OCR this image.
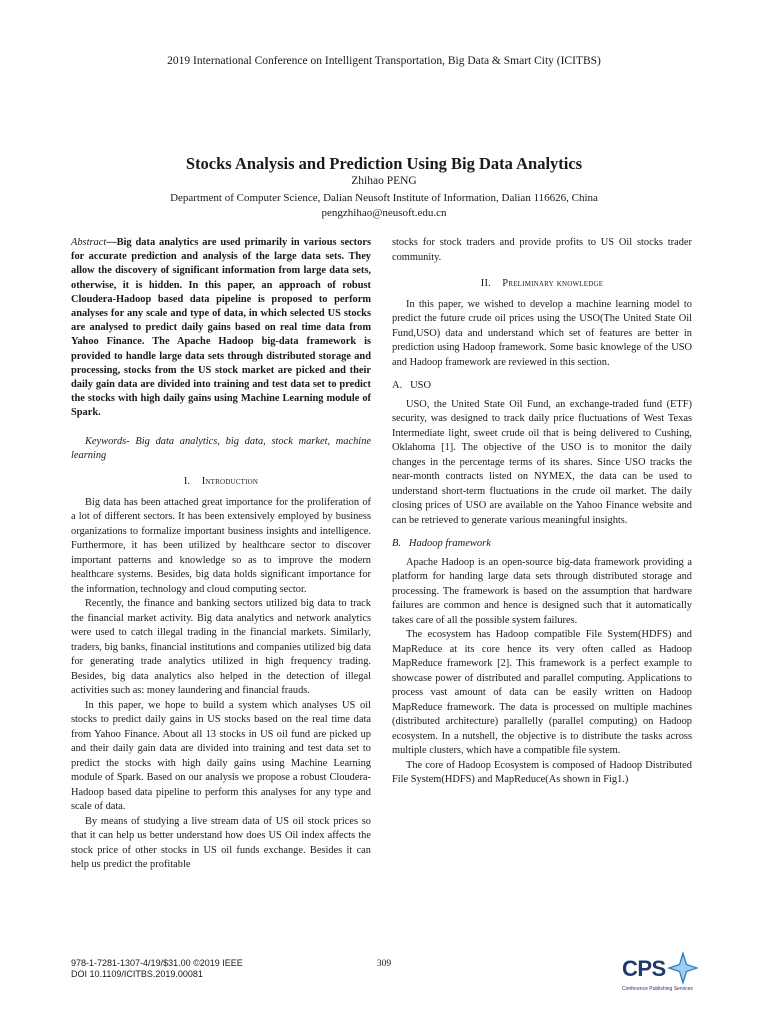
2019 International Conference on Intelligent Transportation, Big Data & Smart City (ICITBS)
Stocks Analysis and Prediction Using Big Data Analytics
Zhihao PENG
Department of Computer Science, Dalian Neusoft Institute of Information, Dalian 116626, China
pengzhihao@neusoft.edu.cn

Abstract—Big data analytics are used primarily in various sectors for accurate prediction and analysis of the large data sets. They allow the discovery of significant information from large data sets, otherwise, it is hidden. In this paper, an approach of robust Cloudera-Hadoop based data pipeline is proposed to perform analyses for any scale and type of data, in which selected US stocks are analysed to predict daily gains based on real time data from Yahoo Finance. The Apache Hadoop big-data framework is provided to handle large data sets through distributed storage and processing, stocks from the US stock market are picked and their daily gain data are divided into training and test data set to predict the stocks with high daily gains using Machine Learning module of Spark.

Keywords- Big data analytics, big data, stock market, machine learning

I. Introduction

Big data has been attached great importance for the proliferation of a lot of different sectors. It has been extensively employed by business organizations to formalize important business insights and intelligence. Furthermore, it has been utilized by healthcare sector to discover important patterns and knowledge so as to improve the modern healthcare systems. Besides, big data holds significant importance for the information, technology and cloud computing sector.

Recently, the finance and banking sectors utilized big data to track the financial market activity. Big data analytics and network analytics were used to catch illegal trading in the financial markets. Similarly, traders, big banks, financial institutions and companies utilized big data for generating trade analytics utilized in high frequency trading. Besides, big data analytics also helped in the detection of illegal activities such as: money laundering and financial frauds.

In this paper, we hope to build a system which analyses US oil stocks to predict daily gains in US stocks based on the real time data from Yahoo Finance. About all 13 stocks in US oil fund are picked up and their daily gain data are divided into training and test data set to predict the stocks with high daily gains using Machine Learning module of Spark. Based on our analysis we propose a robust Cloudera-Hadoop based data pipeline to perform this analyses for any type and scale of data.

By means of studying a live stream data of US oil stock prices so that it can help us better understand how does US Oil index affects the stock price of other stocks in US oil funds exchange. Besides it can help us predict the profitable

stocks for stock traders and provide profits to US Oil stocks trader community.

II. Preliminary knowledge

In this paper, we wished to develop a machine learning model to predict the future crude oil prices using the USO(The United State Oil Fund,USO) data and understand which set of features are better in prediction using Hadoop framework. Some basic knowlege of the USO and Hadoop framework are reviewed in this section.

A. USO

USO, the United State Oil Fund, an exchange-traded fund (ETF) security, was designed to track daily price fluctuations of West Texas Intermediate light, sweet crude oil that is being delivered to Cushing, Oklahoma [1]. The objective of the USO is to monitor the daily changes in the percentage terms of its shares. Since USO tracks the near-month contracts listed on NYMEX, the data can be used to understand short-term fluctuations in the crude oil market. The daily closing prices of USO are available on the Yahoo Finance website and can be retrieved to generate various meaningful insights.

B. Hadoop framework

Apache Hadoop is an open-source big-data framework providing a platform for handing large data sets through distributed storage and processing. The framework is based on the assumption that hardware failures are common and hence is designed such that it automatically takes care of all the possible system failures.

The ecosystem has Hadoop compatible File System(HDFS) and MapReduce at its core hence its very often called as Hadoop MapReduce framework [2]. This framework is a perfect example to showcase power of distributed and parallel computing. Applications to process vast amount of data can be easily written on Hadoop MapReduce framework. The data is processed on multiple machines (distributed architecture) parallelly (parallel computing) on Hadoop ecosystem. In a nutshell, the objective is to distribute the tasks across multiple clusters, which have a compatible file system.

The core of Hadoop Ecosystem is composed of Hadoop Distributed File System(HDFS) and MapReduce(As shown in Fig1.)

978-1-7281-1307-4/19/$31.00 ©2019 IEEE
DOI 10.1109/ICITBS.2019.00081
309	CPS
Conference Publishing Services
